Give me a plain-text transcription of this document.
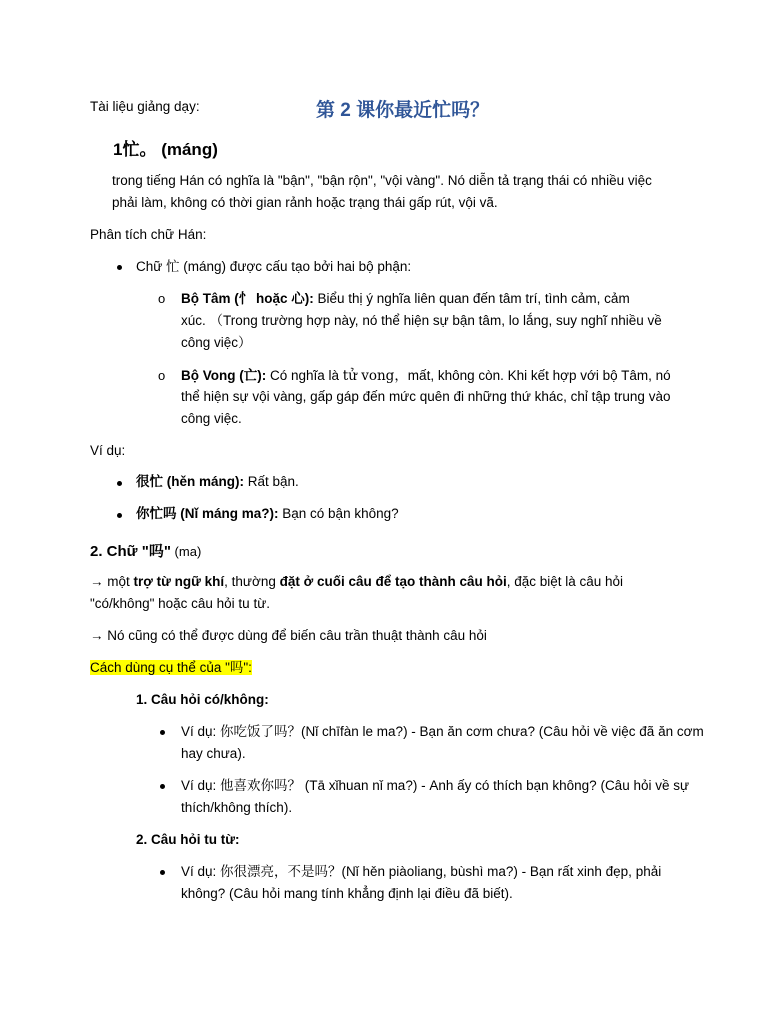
Tài liệu giảng dạy:	第 2 课你最近忙吗？
1忙。 (máng)
trong tiếng Hán có nghĩa là "bận", "bận rộn", "vội vàng". Nó diễn tả trạng thái có nhiều việc
phải làm, không có thời gian rảnh hoặc trạng thái gấp rút, vội vã.
Phân tích chữ Hán:
Chữ 忙 (máng) được cấu tạo bởi hai bộ phận:
o Bộ Tâm (忄 hoặc 心): Biểu thị ý nghĩa liên quan đến tâm trí, tình cảm, cảm
xúc. （Trong trường hợp này, nó thể hiện sự bận tâm, lo lắng, suy nghĩ nhiều về
công việc）
o Bộ Vong (亡): Có nghĩa là tử vong，mất, không còn. Khi kết hợp với bộ Tâm, nó
thể hiện sự vội vàng, gấp gáp đến mức quên đi những thứ khác, chỉ tập trung vào
công việc.
Ví dụ:
很忙 (hěn máng): Rất bận.
你忙吗 (Nǐ máng ma?): Bạn có bận không?
2. Chữ "吗" (ma)
→ một trợ từ ngữ khí, thường đặt ở cuối câu để tạo thành câu hỏi, đặc biệt là câu hỏi
"có/không" hoặc câu hỏi tu từ.
→ Nó cũng có thể được dùng để biến câu trần thuật thành câu hỏi
Cách dùng cụ thể của "吗":
1. Câu hỏi có/không:
Ví dụ: 你吃饭了吗？(Nǐ chīfàn le ma?) - Bạn ăn cơm chưa? (Câu hỏi về việc đã ăn cơm
hay chưa).
Ví dụ: 他喜欢你吗？ (Tā xǐhuan nǐ ma?) - Anh ấy có thích bạn không? (Câu hỏi về sự
thích/không thích).
2. Câu hỏi tu từ:
Ví dụ: 你很漂亮，不是吗？(Nǐ hěn piàoliang, bùshì ma?) - Bạn rất xinh đẹp, phải
không? (Câu hỏi mang tính khẳng định lại điều đã biết).
